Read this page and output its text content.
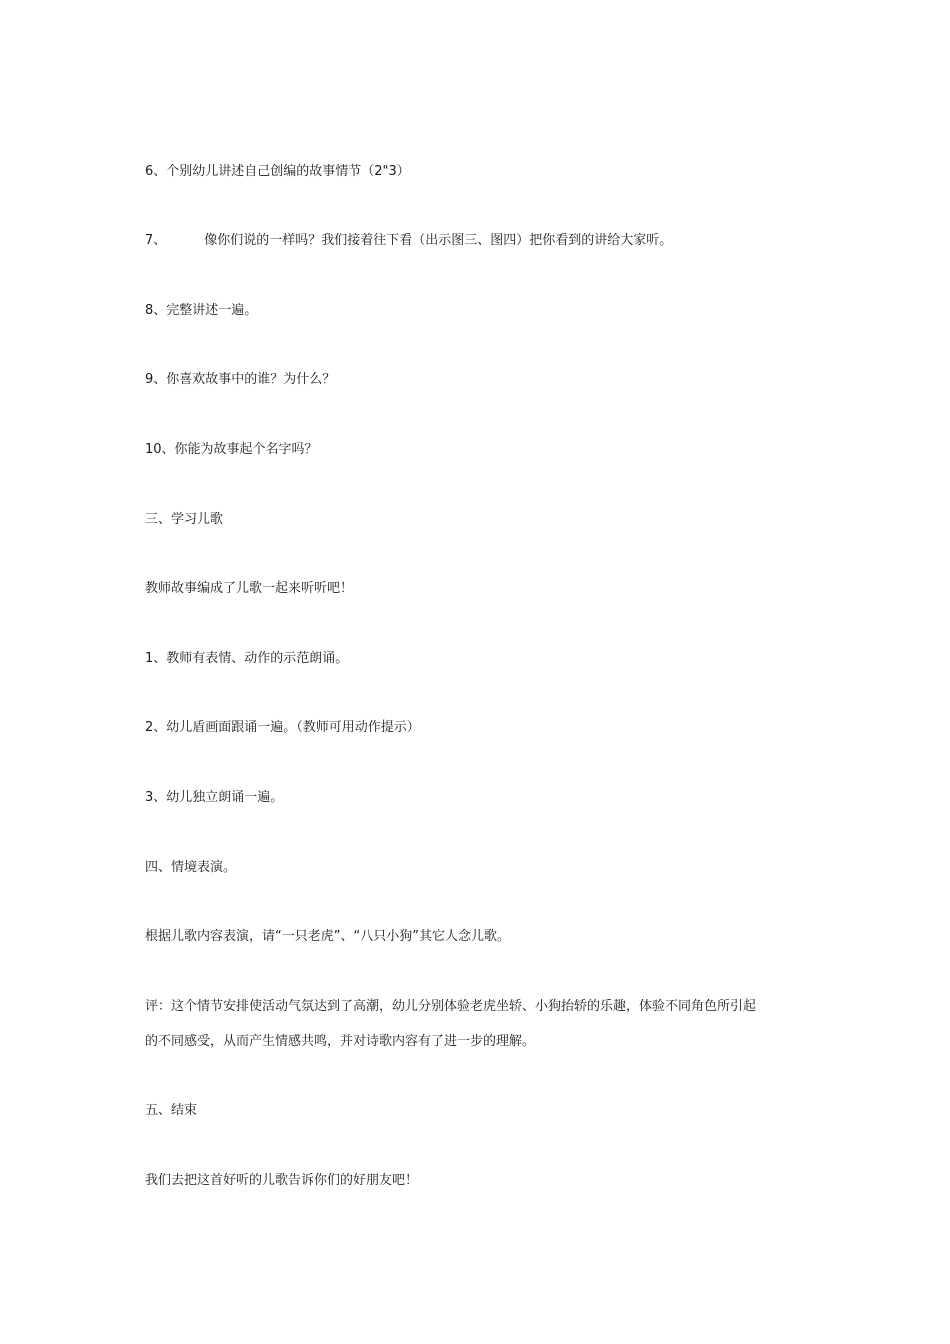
6、个别幼儿讲述自己创编的故事情节（2"3）
7、	像你们说的一样吗？我们接着往下看（出示图三、图四）把你看到的讲给大家听。
8、完整讲述一遍。
9、你喜欢故事中的谁？为什么？
10、你能为故事起个名字吗？
三、学习儿歌
教师故事编成了儿歌一起来听听吧！
1、教师有表情、动作的示范朗诵。
2、幼儿盾画面跟诵一遍。（教师可用动作提示）
3、幼儿独立朗诵一遍。
四、情境表演。
根据儿歌内容表演，请“一只老虎”、“八只小狗”其它人念儿歌。
评：这个情节安排使活动气氛达到了高潮，幼儿分别体验老虎坐轿、小狗抬轿的乐趣，体验不同角色所引起
的不同感受，从而产生情感共鸣，并对诗歌内容有了进一步的理解。
五、结束
我们去把这首好听的儿歌告诉你们的好朋友吧！
